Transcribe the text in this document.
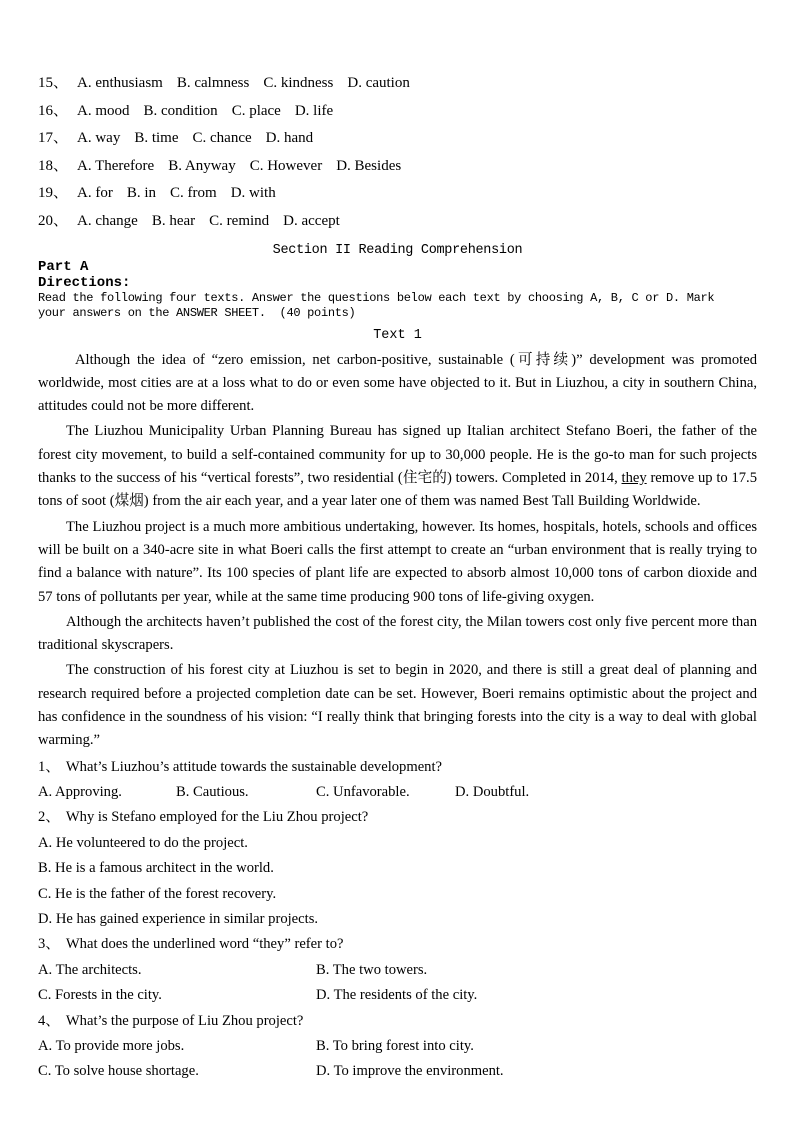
15、 A. enthusiasm B. calmness C. kindness D. caution
16、 A. mood B. condition C. place D. life
17、 A. way B. time C. chance D. hand
18、 A. Therefore B. Anyway C. However D. Besides
19、 A. for B. in C. from D. with
20、 A. change B. hear C. remind D. accept
Section II Reading Comprehension
Part A
Directions:
Read the following four texts. Answer the questions below each text by choosing A, B, C or D. Mark
your answers on the ANSWER SHEET.  (40 points)
Text 1

Although the idea of “zero emission, net carbon-positive, sustainable (可持续)” development was promoted worldwide, most cities are at a loss what to do or even some have objected to it. But in Liuzhou, a city in southern China, attitudes could not be more different.

The Liuzhou Municipality Urban Planning Bureau has signed up Italian architect Stefano Boeri, the father of the forest city movement, to build a self-contained community for up to 30,000 people. He is the go-to man for such projects thanks to the success of his “vertical forests”, two residential (住宅的) towers. Completed in 2014, they remove up to 17.5 tons of soot (煤烟) from the air each year, and a year later one of them was named Best Tall Building Worldwide.

The Liuzhou project is a much more ambitious undertaking, however. Its homes, hospitals, hotels, schools and offices will be built on a 340-acre site in what Boeri calls the first attempt to create an “urban environment that is really trying to find a balance with nature”. Its 100 species of plant life are expected to absorb almost 10,000 tons of carbon dioxide and 57 tons of pollutants per year, while at the same time producing 900 tons of life-giving oxygen.

Although the architects haven’t published the cost of the forest city, the Milan towers cost only five percent more than traditional skyscrapers.

The construction of his forest city at Liuzhou is set to begin in 2020, and there is still a great deal of planning and research required before a projected completion date can be set. However, Boeri remains optimistic about the project and has confidence in the soundness of his vision: “I really think that bringing forests into the city is a way to deal with global warming.”

1、 What’s Liuzhou’s attitude towards the sustainable development?
A. Approving.	B. Cautious.	C. Unfavorable.	D. Doubtful.
2、 Why is Stefano employed for the Liu Zhou project?
A. He volunteered to do the project.
B. He is a famous architect in the world.
C. He is the father of the forest recovery.
D. He has gained experience in similar projects.
3、 What does the underlined word “they” refer to?
A. The architects.	B. The two towers.
C. Forests in the city.	D. The residents of the city.
4、 What’s the purpose of Liu Zhou project?
A. To provide more jobs.	B. To bring forest into city.
C. To solve house shortage.	D. To improve the environment.
